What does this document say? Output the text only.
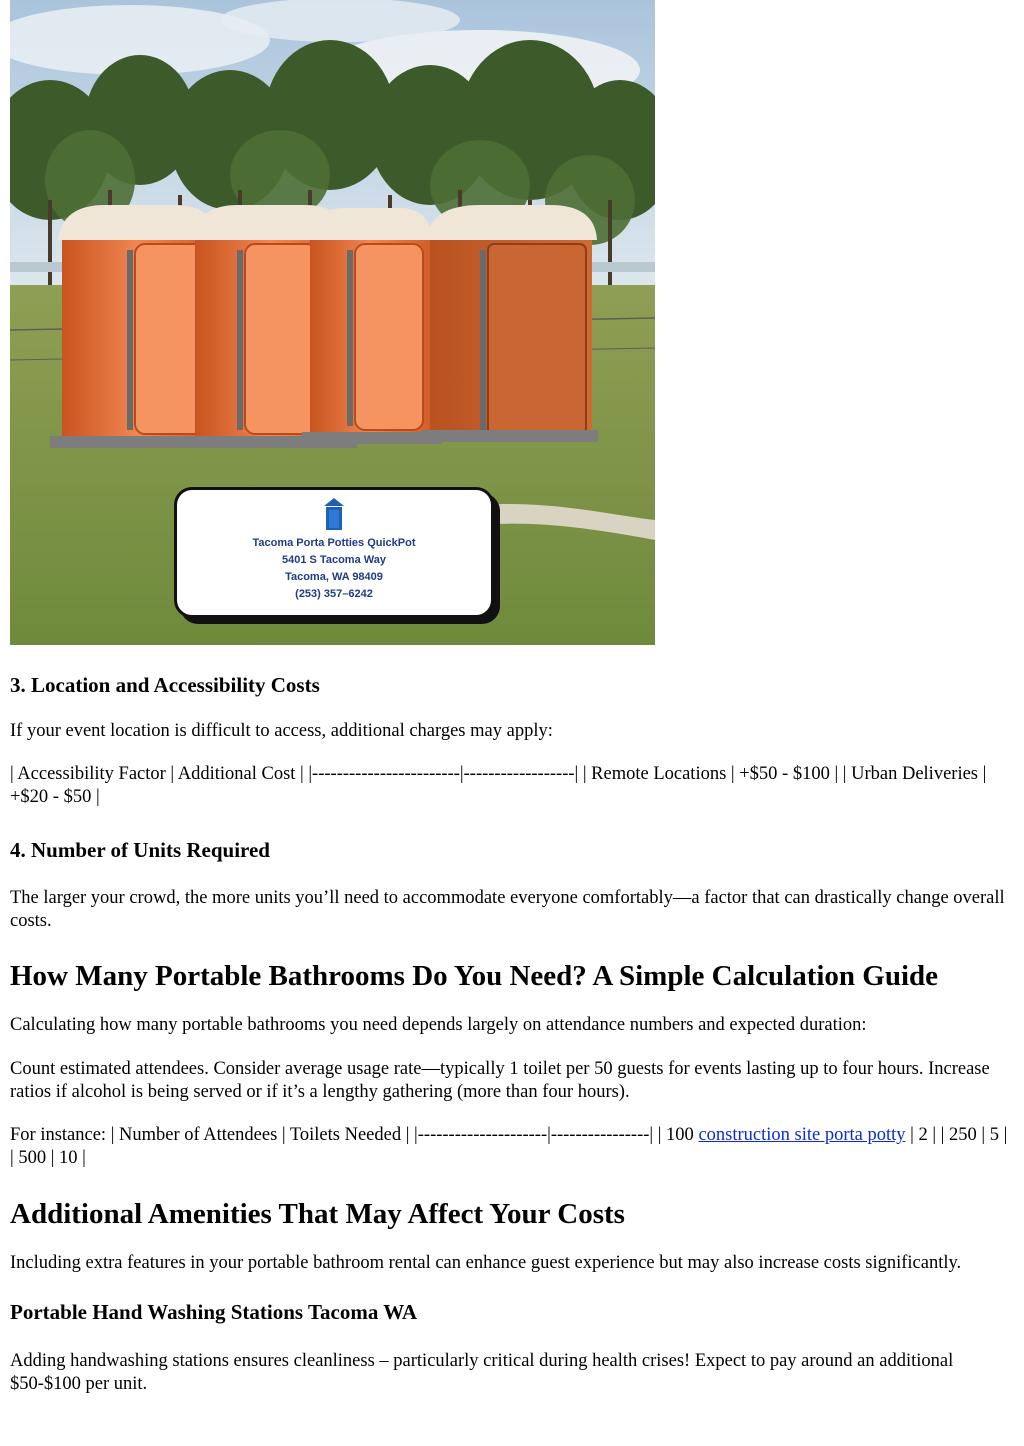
Tacoma Porta Potties QuickPot
5401 S Tacoma Way
Tacoma, WA 98409
(253) 357–6242
3. Location and Accessibility Costs

If your event location is difficult to access, additional charges may apply:

| Accessibility Factor | Additional Cost | |------------------------|------------------| | Remote Locations | +$50 - $100 | | Urban Deliveries | +$20 - $50 |

4. Number of Units Required

The larger your crowd, the more units you’ll need to accommodate everyone comfortably—a factor that can drastically change overall costs.

How Many Portable Bathrooms Do You Need? A Simple Calculation Guide

Calculating how many portable bathrooms you need depends largely on attendance numbers and expected duration:

Count estimated attendees. Consider average usage rate—typically 1 toilet per 50 guests for events lasting up to four hours. Increase ratios if alcohol is being served or if it’s a lengthy gathering (more than four hours).

For instance: | Number of Attendees | Toilets Needed | |---------------------|----------------| | 100 construction site porta potty | 2 | | 250 | 5 | | 500 | 10 |

Additional Amenities That May Affect Your Costs

Including extra features in your portable bathroom rental can enhance guest experience but may also increase costs significantly.

Portable Hand Washing Stations Tacoma WA

Adding handwashing stations ensures cleanliness – particularly critical during health crises! Expect to pay around an additional $50-$100 per unit.
